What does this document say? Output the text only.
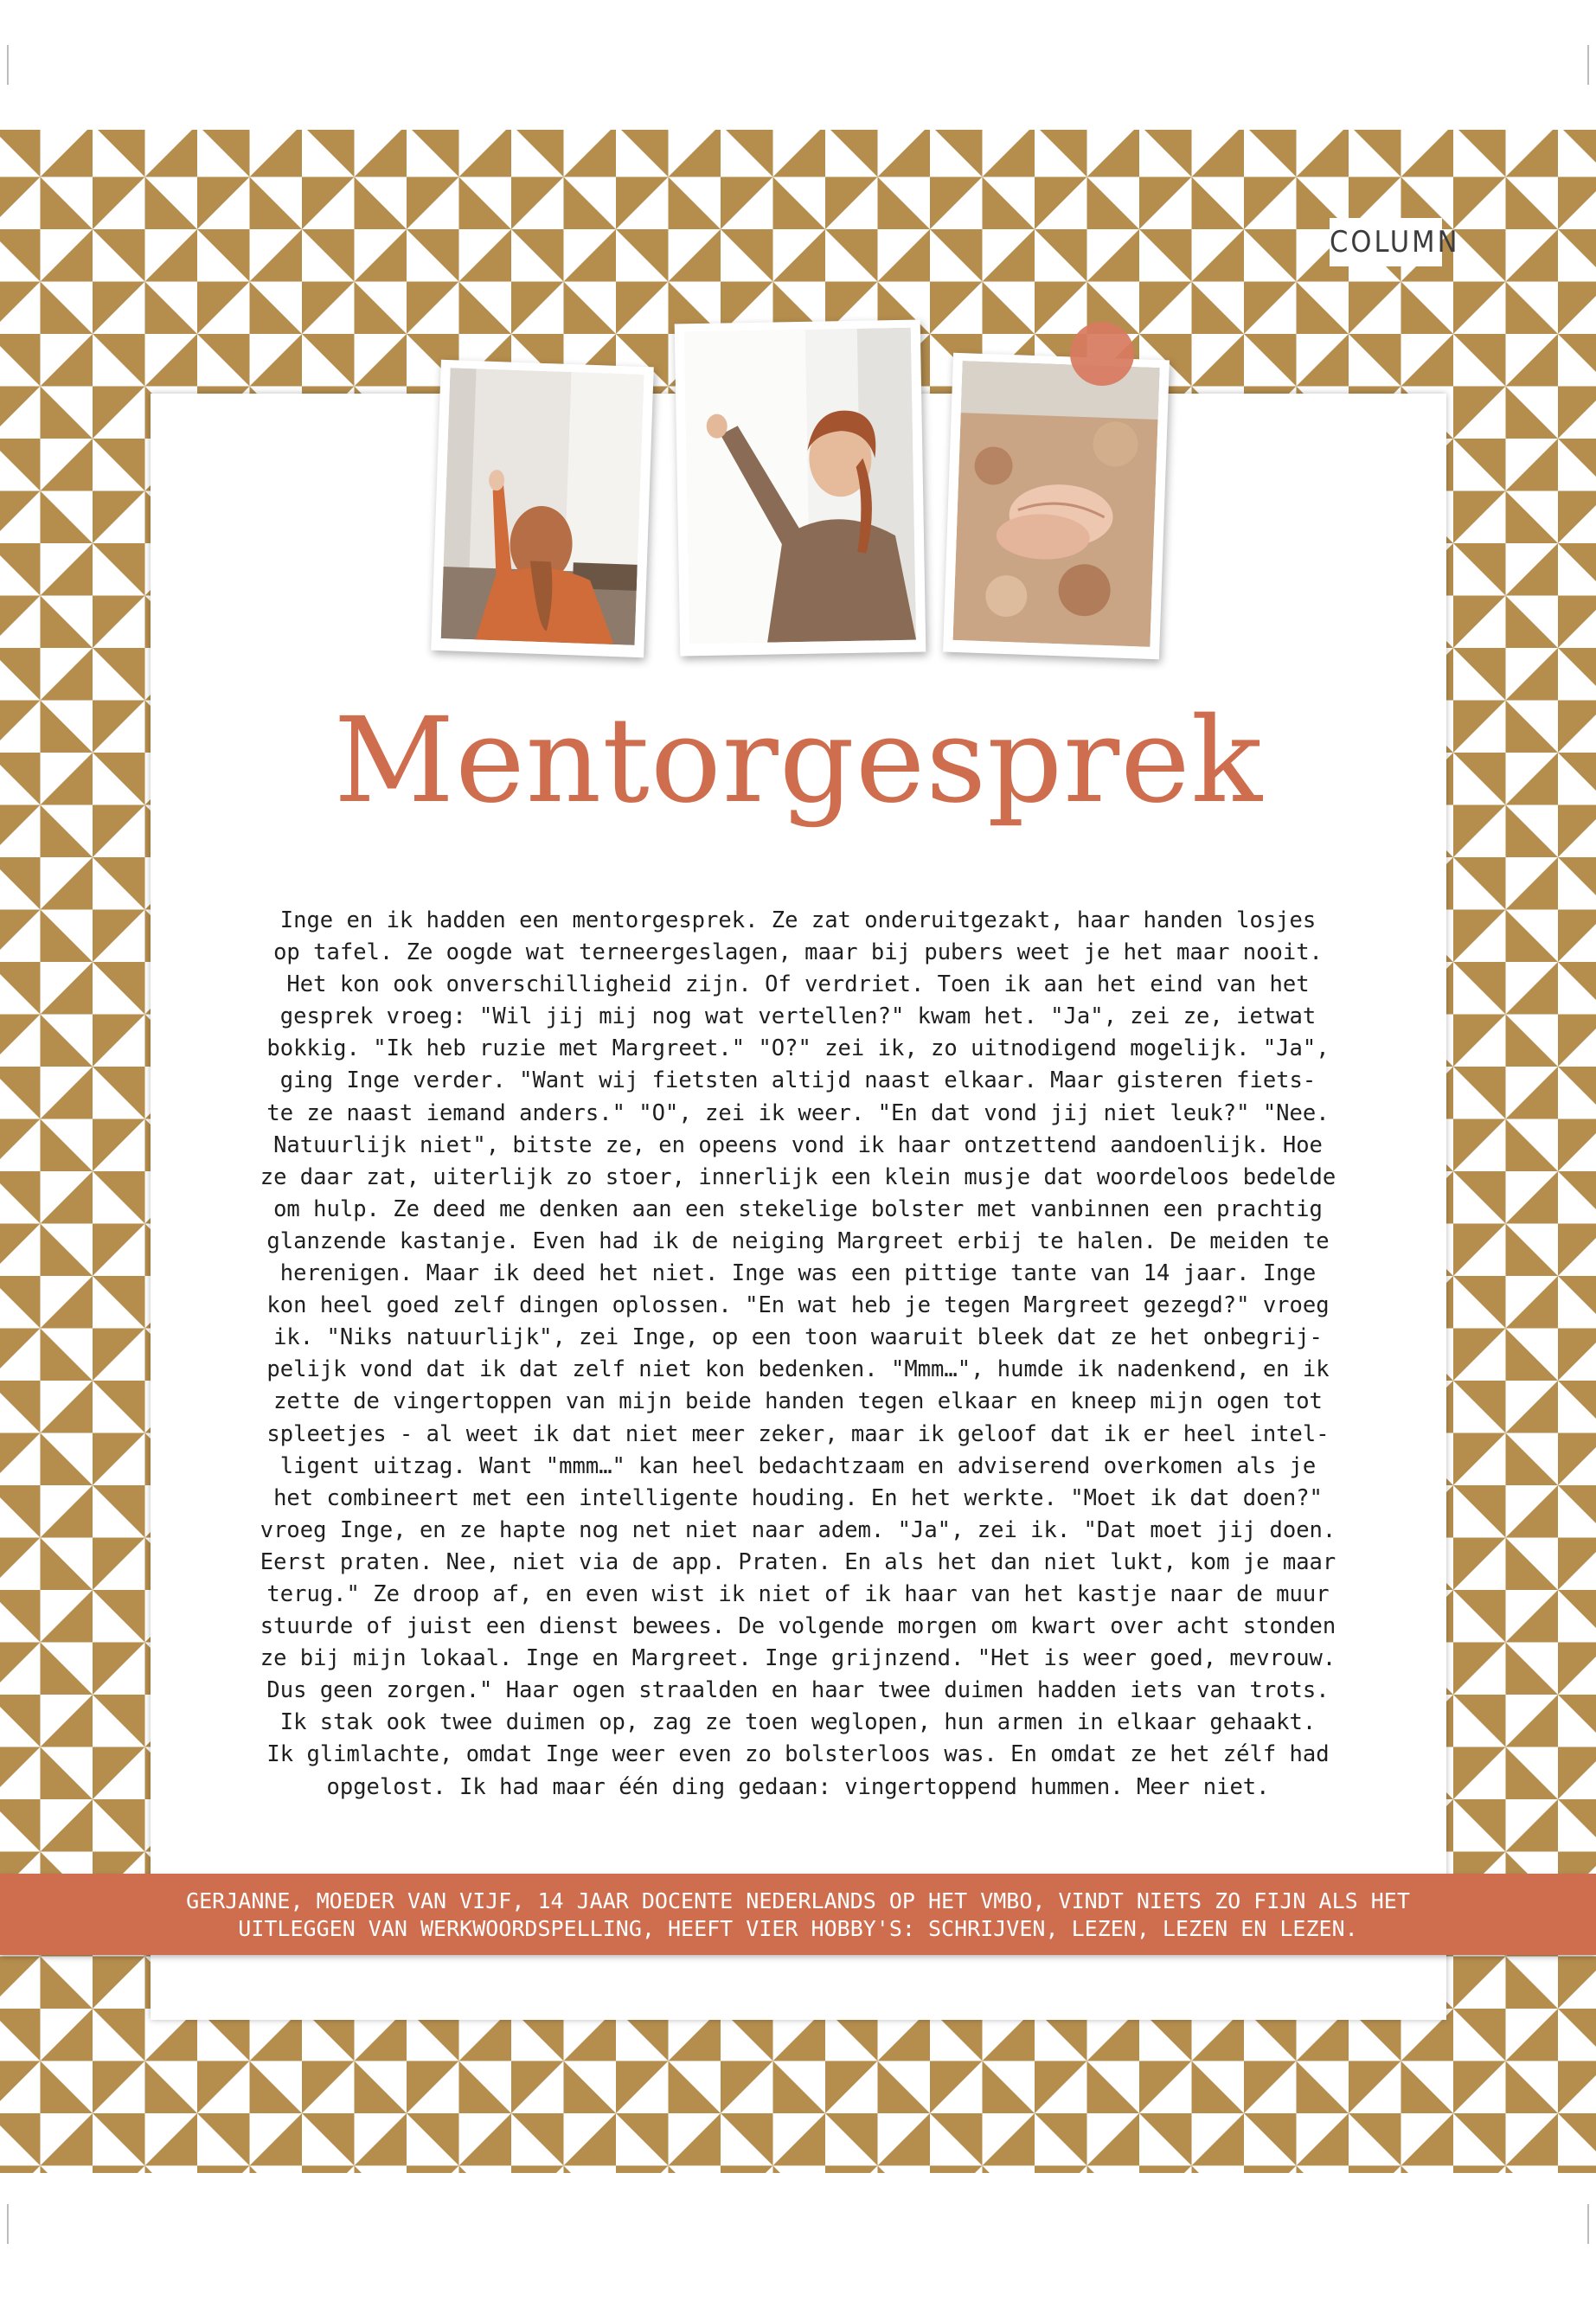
COLUMN
Mentorgesprek

Inge en ik hadden een mentorgesprek. Ze zat onderuitgezakt, haar handen losjes
op tafel. Ze oogde wat terneergeslagen, maar bij pubers weet je het maar nooit.
Het kon ook onverschilligheid zijn. Of verdriet. Toen ik aan het eind van het
gesprek vroeg: "Wil jij mij nog wat vertellen?" kwam het. "Ja", zei ze, ietwat
bokkig. "Ik heb ruzie met Margreet." "O?" zei ik, zo uitnodigend mogelijk. "Ja",
ging Inge verder. "Want wij fietsten altijd naast elkaar. Maar gisteren fiets-
te ze naast iemand anders." "O", zei ik weer. "En dat vond jij niet leuk?" "Nee.
Natuurlijk niet", bitste ze, en opeens vond ik haar ontzettend aandoenlijk. Hoe
ze daar zat, uiterlijk zo stoer, innerlijk een klein musje dat woordeloos bedelde
om hulp. Ze deed me denken aan een stekelige bolster met vanbinnen een prachtig
glanzende kastanje. Even had ik de neiging Margreet erbij te halen. De meiden te
herenigen. Maar ik deed het niet. Inge was een pittige tante van 14 jaar. Inge
kon heel goed zelf dingen oplossen. "En wat heb je tegen Margreet gezegd?" vroeg
ik. "Niks natuurlijk", zei Inge, op een toon waaruit bleek dat ze het onbegrij-
pelijk vond dat ik dat zelf niet kon bedenken. "Mmm…", humde ik nadenkend, en ik
zette de vingertoppen van mijn beide handen tegen elkaar en kneep mijn ogen tot
spleetjes - al weet ik dat niet meer zeker, maar ik geloof dat ik er heel intel-
ligent uitzag. Want "mmm…" kan heel bedachtzaam en adviserend overkomen als je
het combineert met een intelligente houding. En het werkte. "Moet ik dat doen?"
vroeg Inge, en ze hapte nog net niet naar adem. "Ja", zei ik. "Dat moet jij doen.
Eerst praten. Nee, niet via de app. Praten. En als het dan niet lukt, kom je maar
terug." Ze droop af, en even wist ik niet of ik haar van het kastje naar de muur
stuurde of juist een dienst bewees. De volgende morgen om kwart over acht stonden
ze bij mijn lokaal. Inge en Margreet. Inge grijnzend. "Het is weer goed, mevrouw.
Dus geen zorgen." Haar ogen straalden en haar twee duimen hadden iets van trots.
Ik stak ook twee duimen op, zag ze toen weglopen, hun armen in elkaar gehaakt.
Ik glimlachte, omdat Inge weer even zo bolsterloos was. En omdat ze het zélf had
opgelost. Ik had maar één ding gedaan: vingertoppend hummen. Meer niet.

GERJANNE, MOEDER VAN VIJF, 14 JAAR DOCENTE NEDERLANDS OP HET VMBO, VINDT NIETS ZO FIJN ALS HET
UITLEGGEN VAN WERKWOORDSPELLING, HEEFT VIER HOBBY'S: SCHRIJVEN, LEZEN, LEZEN EN LEZEN.
